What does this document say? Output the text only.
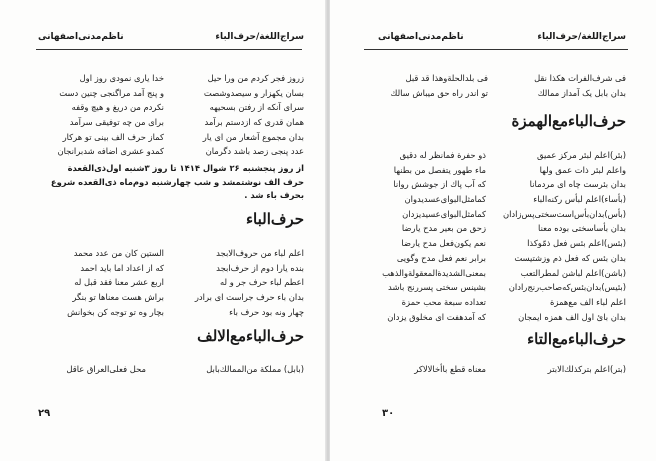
سراج‌اللغة/حرف‌الباء
ناظم‌مدنی‌اصفهانی
زروز فجر کردم من ورا حیل
بسان یکهزار و سیصدوشصت
سرای آنکه از رفتن بسحیهه
همان قدری که ازدستم برآمد
بدان مجموع آشعار من ای یار
عدد پنجی زصد باشد دگرمان
خدا یاری نمودی روز اول
و پنج آمد مراگنجی چنین دست
نکردم من دریغ و هیچ وقفه
برای من چه توفیقی سرآمد
کماز حرف الف بینی تو هرکار
کمدو عشری اضافه شدبرانجان
از روز پنجشنبه ۲۶ شوال ۱۴۱۴ تا روز ۳شنبه اول‌ذی‌القعدة
حرف الف نوشتمشد و شب چهارشنبه دوم‌ماه ذی‌القعده شروع
بحرف باء شد .
حرف‌الباء
اعلم لباء من حروف‌الابجد
بنده یارا دوم از حرف‌ابجد
اعطم لباء حرف جر و له
بدان باء حرف جراست ای برادر
چهار ونه بود حرف باء
الستین کان من عدد محمد
که از اعداد اما باید احمد
اربع عشر معنا فقد قبل له
براش هست معناها تو بنگر
بچار وه تو توجه کن بخوانش
حرف‌الباءمع‌الالف
(بابل) مملکة من‌الممالك‌بابل
محل فعلی‌العراق عاقل
۲۹
سراج‌اللغة/حرف‌الباء
ناظم‌مدنی‌اصفهانی
فی شرف‌الفرات هکذا نقل
بدان بابل یک آمداز ممالك
فی بلدالحلةوهذا قد قبل
تو اندر راه حق میباش سالك
حرف‌الباءمع‌الهمزة
(بئر)اعلم لبئر مرکز عمیق
واعلم لبئر ذات عمق ولها
بدان بئرست چاه ای مردمانا
(بأساء)اعلم لبأس رکنه‌الباء
(بأس)بدان‌بأس‌است‌سختی‌پس‌زادان
بدان بأساسختی بوده معنا
(بئس)اعلم بئس فعل ذمّوکذا
بدان بئس که فعل ذم وزشتیست
(باشن)اعلم لباشن لمطرالتعب
(بئیس)بدان‌بئس‌که‌صاحب‌رنج‌رادان
اعلم لباء الف مع‌همزة
بدان بائ اول الف همزه ایمجان
ذو حفرة فمانظر له دقیق
ماء طهور یتفصل من بطنها
که آب پاك از جوشش روانا
کمامثل‌البوای‌عسدیدوان
کمامثل‌البوای‌عسیدیزدان
زحق من بعیر مدح یارضا
نعم یکون‌فعل مدح یارضا
برابر نعم فعل مدح وگویی
بمعنی‌الشدیدة‌المعقولة‌والذهب
بشینس سختی پسررنج باشد
تعداده سبعة محب حمزة
که آمدهفت ای مخلوق یزدان
حرف‌الباءمع‌التاء
(بتر)اعلم بترکذلك‌الابتر
معناه قطع باأخالالاکر
۳۰
